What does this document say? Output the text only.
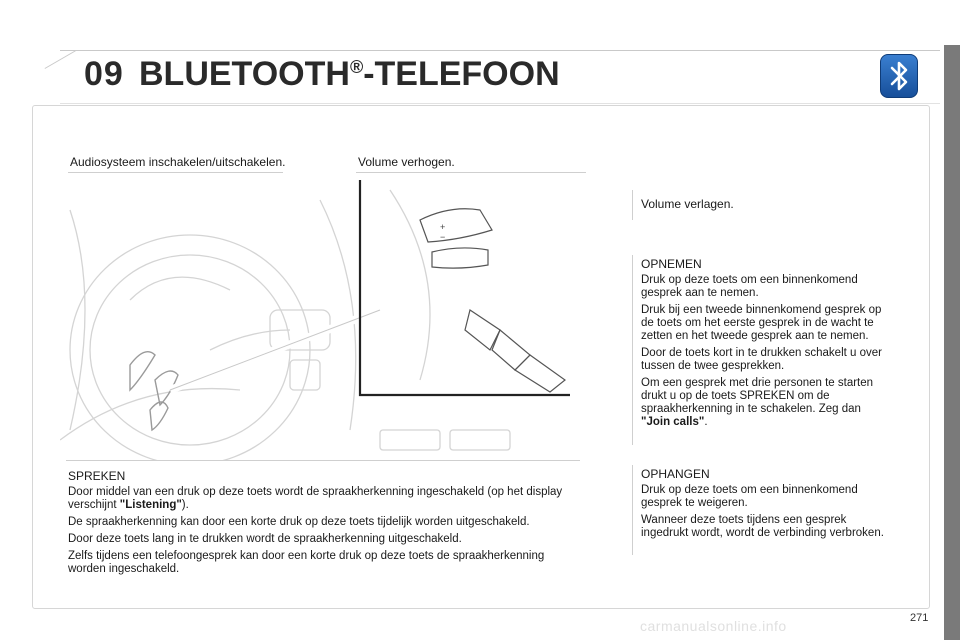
09 BLUETOOTH®-TELEFOON
+
−
Audiosysteem inschakelen/uitschakelen.	Volume verhogen.
Volume verlagen.

OPNEMEN

Druk op deze toets om een binnenkomend gesprek aan te nemen.

Druk bij een tweede binnenkomend gesprek op de toets om het eerste gesprek in de wacht te zetten en het tweede gesprek aan te nemen.

Door de toets kort in te drukken schakelt u over tussen de twee gesprekken.

Om een gesprek met drie personen te starten drukt u op de toets SPREKEN om de spraakherkenning in te schakelen. Zeg dan "Join calls".

OPHANGEN

Druk op deze toets om een binnenkomend gesprek te weigeren.

Wanneer deze toets tijdens een gesprek ingedrukt wordt, wordt de verbinding verbroken.

SPREKEN

Door middel van een druk op deze toets wordt de spraakherkenning ingeschakeld (op het display verschijnt "Listening").

De spraakherkenning kan door een korte druk op deze toets tijdelijk worden uitgeschakeld.

Door deze toets lang in te drukken wordt de spraakherkenning uitgeschakeld.

Zelfs tijdens een telefoongesprek kan door een korte druk op deze toets de spraakherkenning worden ingeschakeld.

carmanualsonline.info	271
